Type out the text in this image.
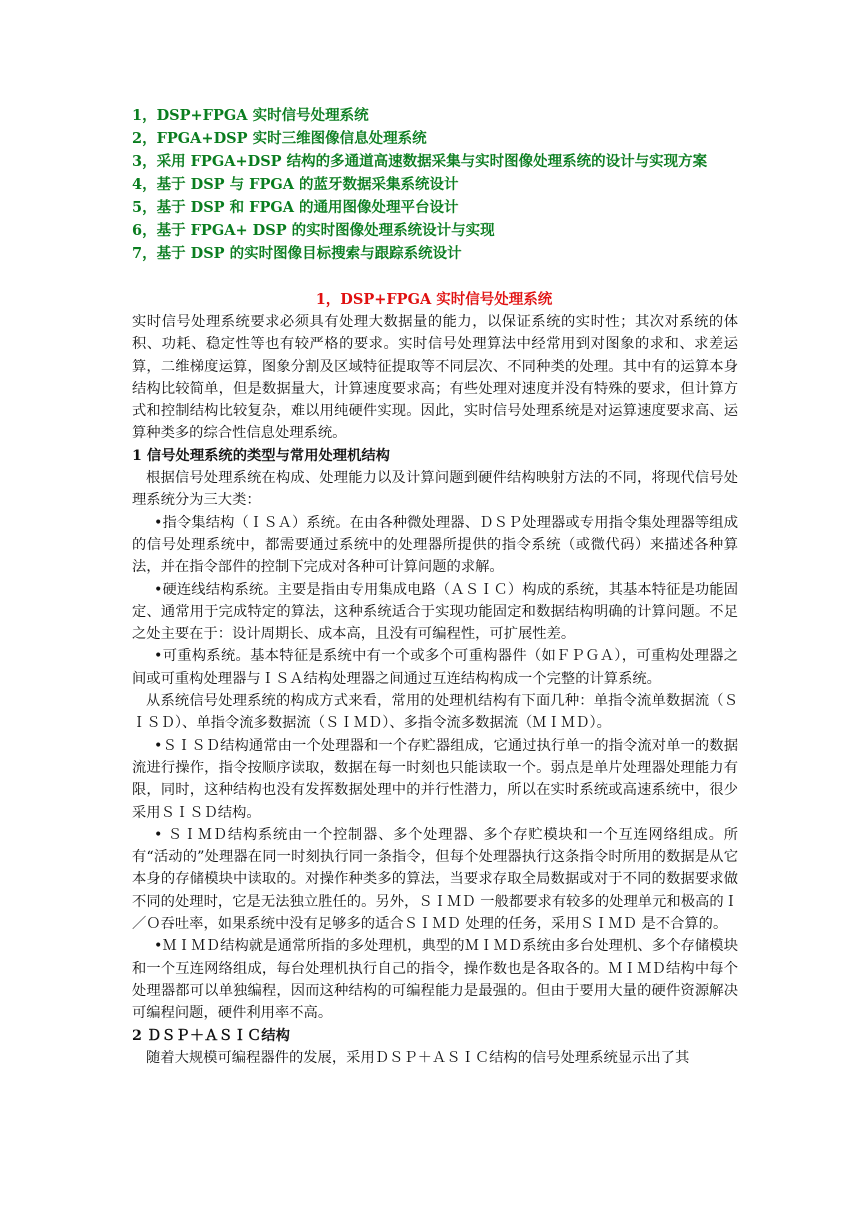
1，DSP+FPGA 实时信号处理系统
2，FPGA+DSP 实时三维图像信息处理系统
3，采用 FPGA+DSP 结构的多通道高速数据采集与实时图像处理系统的设计与实现方案
4，基于 DSP 与 FPGA 的蓝牙数据采集系统设计
5，基于 DSP 和 FPGA 的通用图像处理平台设计
6，基于 FPGA+ DSP 的实时图像处理系统设计与实现
7，基于 DSP 的实时图像目标搜索与跟踪系统设计
1，DSP+FPGA 实时信号处理系统

实时信号处理系统要求必须具有处理大数据量的能力，以保证系统的实时性；其次对系统的体积、功耗、稳定性等也有较严格的要求。实时信号处理算法中经常用到对图象的求和、求差运算，二维梯度运算，图象分割及区域特征提取等不同层次、不同种类的处理。其中有的运算本身结构比较简单，但是数据量大，计算速度要求高；有些处理对速度并没有特殊的要求，但计算方式和控制结构比较复杂，难以用纯硬件实现。因此，实时信号处理系统是对运算速度要求高、运算种类多的综合性信息处理系统。

1 信号处理系统的类型与常用处理机结构

根据信号处理系统在构成、处理能力以及计算问题到硬件结构映射方法的不同，将现代信号处理系统分为三大类：

•指令集结构（ＩＳＡ）系统。在由各种微处理器、ＤＳＰ处理器或专用指令集处理器等组成的信号处理系统中，都需要通过系统中的处理器所提供的指令系统（或微代码）来描述各种算法，并在指令部件的控制下完成对各种可计算问题的求解。

•硬连线结构系统。主要是指由专用集成电路（ＡＳＩＣ）构成的系统，其基本特征是功能固定、通常用于完成特定的算法，这种系统适合于实现功能固定和数据结构明确的计算问题。不足之处主要在于：设计周期长、成本高，且没有可编程性，可扩展性差。

•可重构系统。基本特征是系统中有一个或多个可重构器件（如ＦＰＧＡ），可重构处理器之间或可重构处理器与ＩＳＡ结构处理器之间通过互连结构构成一个完整的计算系统。

从系统信号处理系统的构成方式来看，常用的处理机结构有下面几种：单指令流单数据流（ＳＩＳＤ）、单指令流多数据流（ＳＩＭＤ）、多指令流多数据流（ＭＩＭＤ）。

•ＳＩＳＤ结构通常由一个处理器和一个存贮器组成，它通过执行单一的指令流对单一的数据流进行操作，指令按顺序读取，数据在每一时刻也只能读取一个。弱点是单片处理器处理能力有限，同时，这种结构也没有发挥数据处理中的并行性潜力，所以在实时系统或高速系统中，很少采用ＳＩＳＤ结构。

• ＳＩＭＤ结构系统由一个控制器、多个处理器、多个存贮模块和一个互连网络组成。所有“活动的”处理器在同一时刻执行同一条指令，但每个处理器执行这条指令时所用的数据是从它本身的存储模块中读取的。对操作种类多的算法，当要求存取全局数据或对于不同的数据要求做不同的处理时，它是无法独立胜任的。另外，ＳＩＭＤ 一般都要求有较多的处理单元和极高的Ｉ／Ｏ吞吐率，如果系统中没有足够多的适合ＳＩＭＤ 处理的任务，采用ＳＩＭＤ 是不合算的。

•ＭＩＭＤ结构就是通常所指的多处理机，典型的ＭＩＭＤ系统由多台处理机、多个存储模块和一个互连网络组成，每台处理机执行自己的指令，操作数也是各取各的。ＭＩＭＤ结构中每个处理器都可以单独编程，因而这种结构的可编程能力是最强的。但由于要用大量的硬件资源解决可编程问题，硬件利用率不高。

2 ＤＳＰ＋ＡＳＩＣ结构

随着大规模可编程器件的发展，采用ＤＳＰ＋ＡＳＩＣ结构的信号处理系统显示出了其
